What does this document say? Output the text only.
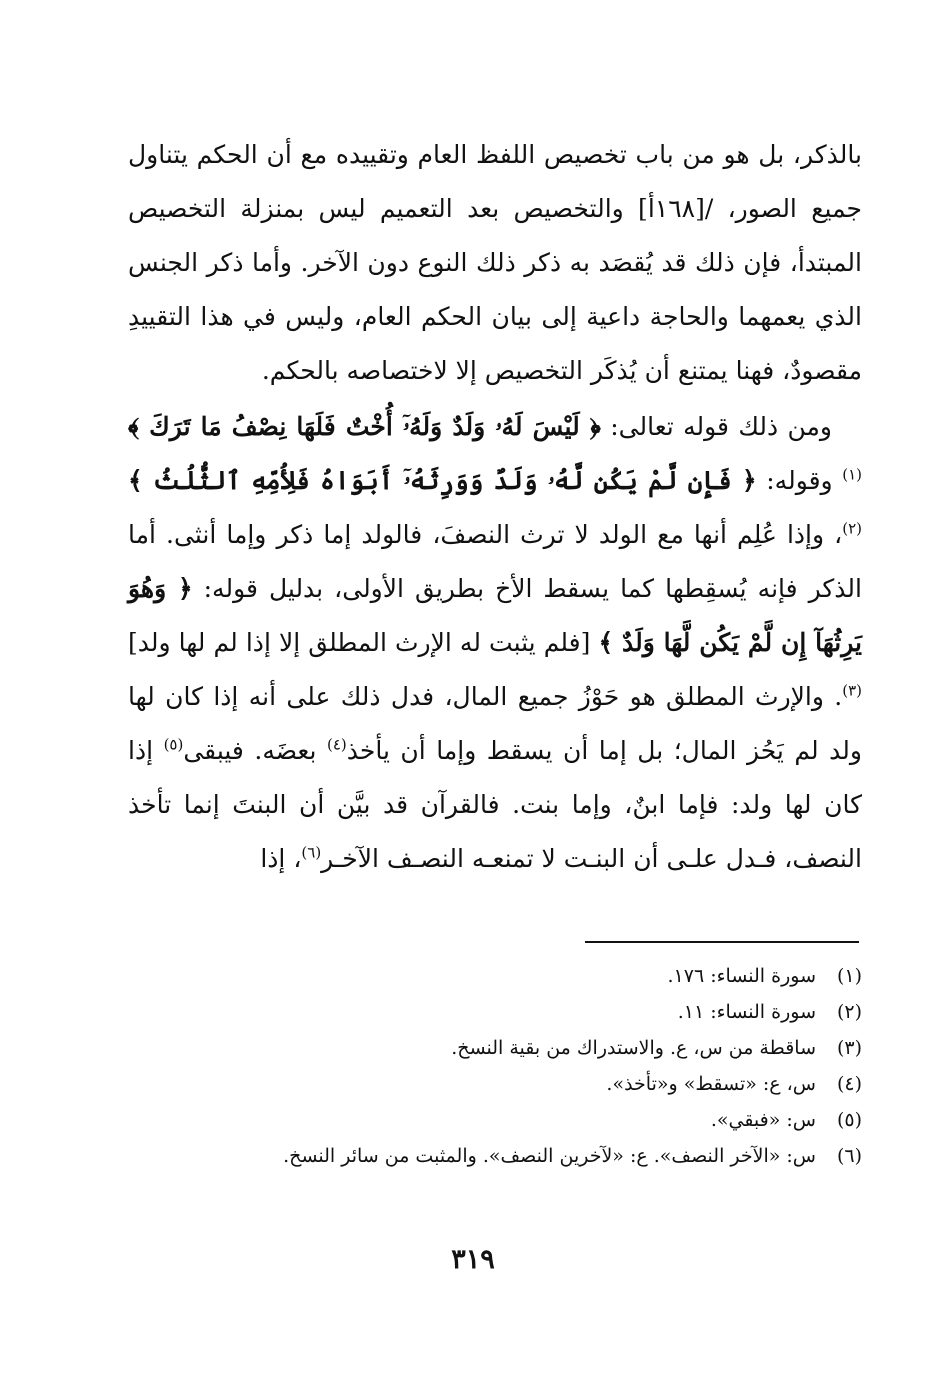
بالذكر، بل هو من باب تخصيص اللفظ العام وتقييده مع أن الحكم يتناول جميع الصور، /[١٦٨أ] والتخصيص بعد التعميم ليس بمنزلة التخصيص المبتدأ، فإن ذلك قد يُقصَد به ذكر ذلك النوع دون الآخر. وأما ذكر الجنس الذي يعمهما والحاجة داعية إلى بيان الحكم العام، وليس في هذا التقييدِ مقصودٌ، فهنا يمتنع أن يُذكَر التخصيص إلا لاختصاصه بالحكم.

ومن ذلك قوله تعالى: ﴿ لَيْسَ لَهُۥ وَلَدٌ وَلَهُۥٓ أُخْتٌ فَلَهَا نِصْفُ مَا تَرَكَ ﴾$^{(١)}$ وقوله: ﴿ فَإِن لَّمْ يَكُن لَّهُۥ وَلَدٌ وَوَرِثَهُۥٓ أَبَوَاهُ فَلِأُمِّهِ ٱلثُّلُثُ ﴾$^{(٢)}$، وإذا عُلِم أنها مع الولد لا ترث النصفَ، فالولد إما ذكر وإما أنثى. أما الذكر فإنه يُسقِطها كما يسقط الأخ بطريق الأولى، بدليل قوله: ﴿ وَهُوَ يَرِثُهَآ إِن لَّمْ يَكُن لَّهَا وَلَدٌ ﴾ [فلم يثبت له الإرث المطلق إلا إذا لم لها ولد]$^{(٣)}$. والإرث المطلق هو حَوْزُ جميع المال، فدل ذلك على أنه إذا كان لها ولد لم يَحُز المال؛ بل إما أن يسقط وإما أن يأخذ$^{(٤)}$ بعضَه. فيبقى$^{(٥)}$ إذا كان لها ولد: فإما ابنٌ، وإما بنت. فالقرآن قد بيَّن أن البنتَ إنما تأخذ النصف، فـدل علـى أن البنـت لا تمنعـه النصـف الآخـر$^{(٦)}$، إذا

(١)
سورة النساء: ١٧٦.
(٢)
سورة النساء: ١١.
(٣)
ساقطة من س، ع. والاستدراك من بقية النسخ.
(٤)
س، ع: «تسقط» و«تأخذ».
(٥)
س: «فبقي».
(٦)
س: «الآخر النصف». ع: «لآخرين النصف». والمثبت من سائر النسخ.
٣١٩
